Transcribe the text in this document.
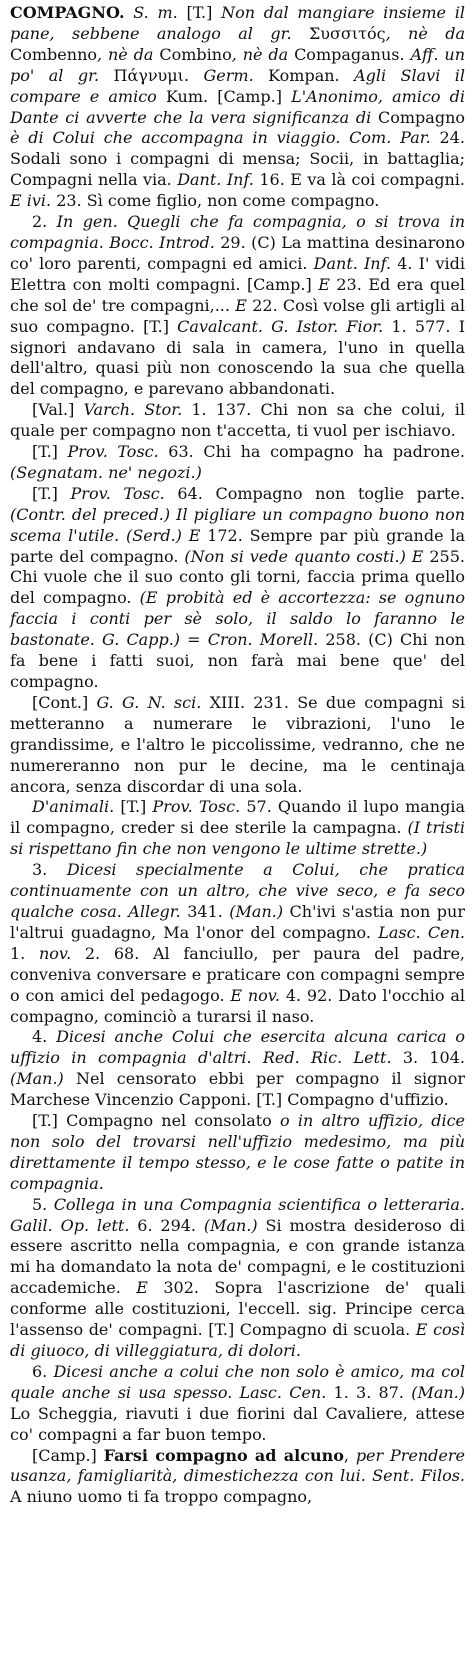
COMPAGNO. S. m. [T.] Non dal mangiare insieme il pane, sebbene analogo al gr. Συσσιτός, nè da Combenno, nè da Combino, nè da Compaganus. Aff. un po' al gr. Πάγνυμι. Germ. Kompan. Agli Slavi il compare e amico Kum. [Camp.] L'Anonimo, amico di Dante ci avverte che la vera significanza di Compagno è di Colui che accompagna in viaggio. Com. Par. 24. Sodali sono i compagni di mensa; Socii, in battaglia; Compagni nella via. Dant. Inf. 16. E va là coi compagni. E ivi. 23. Sì come figlio, non come compagno.

2. In gen. Quegli che fa compagnia, o si trova in compagnia. Bocc. Introd. 29. (C) La mattina desinarono co' loro parenti, compagni ed amici. Dant. Inf. 4. I' vidi Elettra con molti compagni. [Camp.] E 23. Ed era quel che sol de' tre compagni,... E 22. Così volse gli artigli al suo compagno. [T.] Cavalcant. G. Istor. Fior. 1. 577. I signori andavano di sala in camera, l'uno in quella dell'altro, quasi più non conoscendo la sua che quella del compagno, e parevano abbandonati.

[Val.] Varch. Stor. 1. 137. Chi non sa che colui, il quale per compagno non t'accetta, ti vuol per ischiavo.

[T.] Prov. Tosc. 63. Chi ha compagno ha padrone. (Segnatam. ne' negozi.)

[T.] Prov. Tosc. 64. Compagno non toglie parte. (Contr. del preced.) Il pigliare un compagno buono non scema l'utile. (Serd.) E 172. Sempre par più grande la parte del compagno. (Non si vede quanto costi.) E 255. Chi vuole che il suo conto gli torni, faccia prima quello del compagno. (E probità ed è accortezza: se ognuno faccia i conti per sè solo, il saldo lo faranno le bastonate. G. Capp.) = Cron. Morell. 258. (C) Chi non fa bene i fatti suoi, non farà mai bene que' del compagno.

[Cont.] G. G. N. sci. XIII. 231. Se due compagni si metteranno a numerare le vibrazioni, l'uno le grandissime, e l'altro le piccolissime, vedranno, che ne numereranno non pur le decine, ma le centinaja ancora, senza discordar di una sola.

D'animali. [T.] Prov. Tosc. 57. Quando il lupo mangia il compagno, creder si dee sterile la campagna. (I tristi si rispettano fin che non vengono le ultime strette.)

3. Dicesi specialmente a Colui, che pratica continuamente con un altro, che vive seco, e fa seco qualche cosa. Allegr. 341. (Man.) Ch'ivi s'astia non pur l'altrui guadagno, Ma l'onor del compagno. Lasc. Cen. 1. nov. 2. 68. Al fanciullo, per paura del padre, conveniva conversare e praticare con compagni sempre o con amici del pedagogo. E nov. 4. 92. Dato l'occhio al compagno, cominciò a turarsi il naso.

4. Dicesi anche Colui che esercita alcuna carica o uffizio in compagnia d'altri. Red. Ric. Lett. 3. 104. (Man.) Nel censorato ebbi per compagno il signor Marchese Vincenzio Capponi. [T.] Compagno d'uffizio.

[T.] Compagno nel consolato o in altro uffizio, dice non solo del trovarsi nell'uffizio medesimo, ma più direttamente il tempo stesso, e le cose fatte o patite in compagnia.

5. Collega in una Compagnia scientifica o letteraria. Galil. Op. lett. 6. 294. (Man.) Si mostra desideroso di essere ascritto nella compagnia, e con grande istanza mi ha domandato la nota de' compagni, e le costituzioni accademiche. E 302. Sopra l'ascrizione de' quali conforme alle costituzioni, l'eccell. sig. Principe cerca l'assenso de' compagni. [T.] Compagno di scuola. E così di giuoco, di villeggiatura, di dolori.

6. Dicesi anche a colui che non solo è amico, ma col quale anche si usa spesso. Lasc. Cen. 1. 3. 87. (Man.) Lo Scheggia, riavuti i due fiorini dal Cavaliere, attese co' compagni a far buon tempo.

[Camp.] Farsi compagno ad alcuno, per Prendere usanza, famigliarità, dimestichezza con lui. Sent. Filos. A niuno uomo ti fa troppo compagno,
